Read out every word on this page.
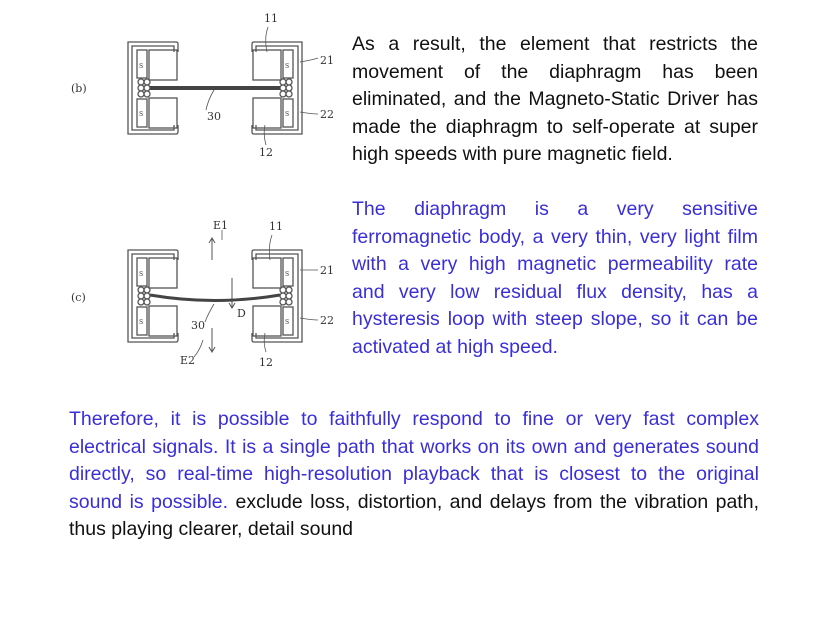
S
S
S
S
(b)
11
21
22
30
12
S
S
S
S
(c)
E1	11
21
22
30
D
E2	12

As a result, the element that restricts the movement of the diaphragm has been eliminated, and the Magneto-Static Driver has made the diaphragm to self-operate at super high speeds with pure magnetic field.

The diaphragm is a very sensitive ferromagnetic body, a very thin, very light film with a very high magnetic permeability rate and very low residual flux density, has a hysteresis loop with steep slope, so it can be activated at high speed.

Therefore, it is possible to faithfully respond to fine or very fast complex electrical signals. It is a single path that works on its own and generates sound directly, so real-time high-resolution playback that is closest to the original sound is possible. exclude loss, distortion, and delays from the vibration path, thus playing clearer, detail sound
